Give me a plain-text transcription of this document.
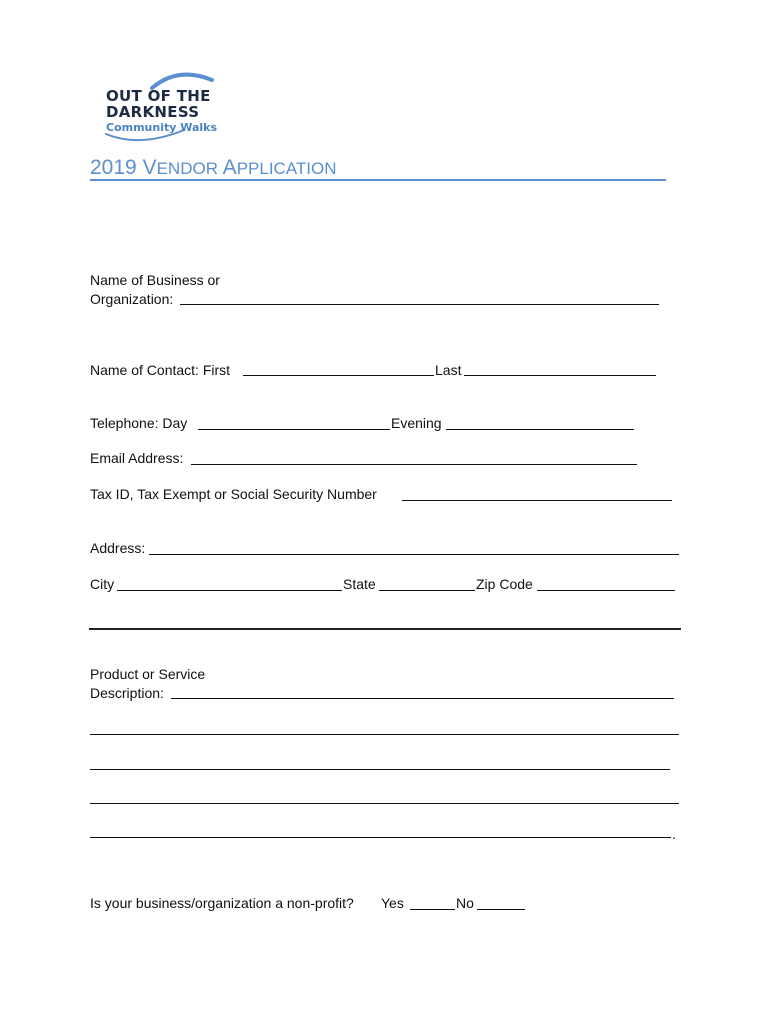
OUT OF THE
DARKNESS
Community Walks
2019 VENDOR APPLICATION
Name of Business or
Organization:
Name of Contact: First	Last
Telephone: Day	Evening
Email Address:
Tax ID, Tax Exempt or Social Security Number
Address:
City	State	Zip Code
Product or Service
Description:
.
Is your business/organization a non-profit? Yes	No
